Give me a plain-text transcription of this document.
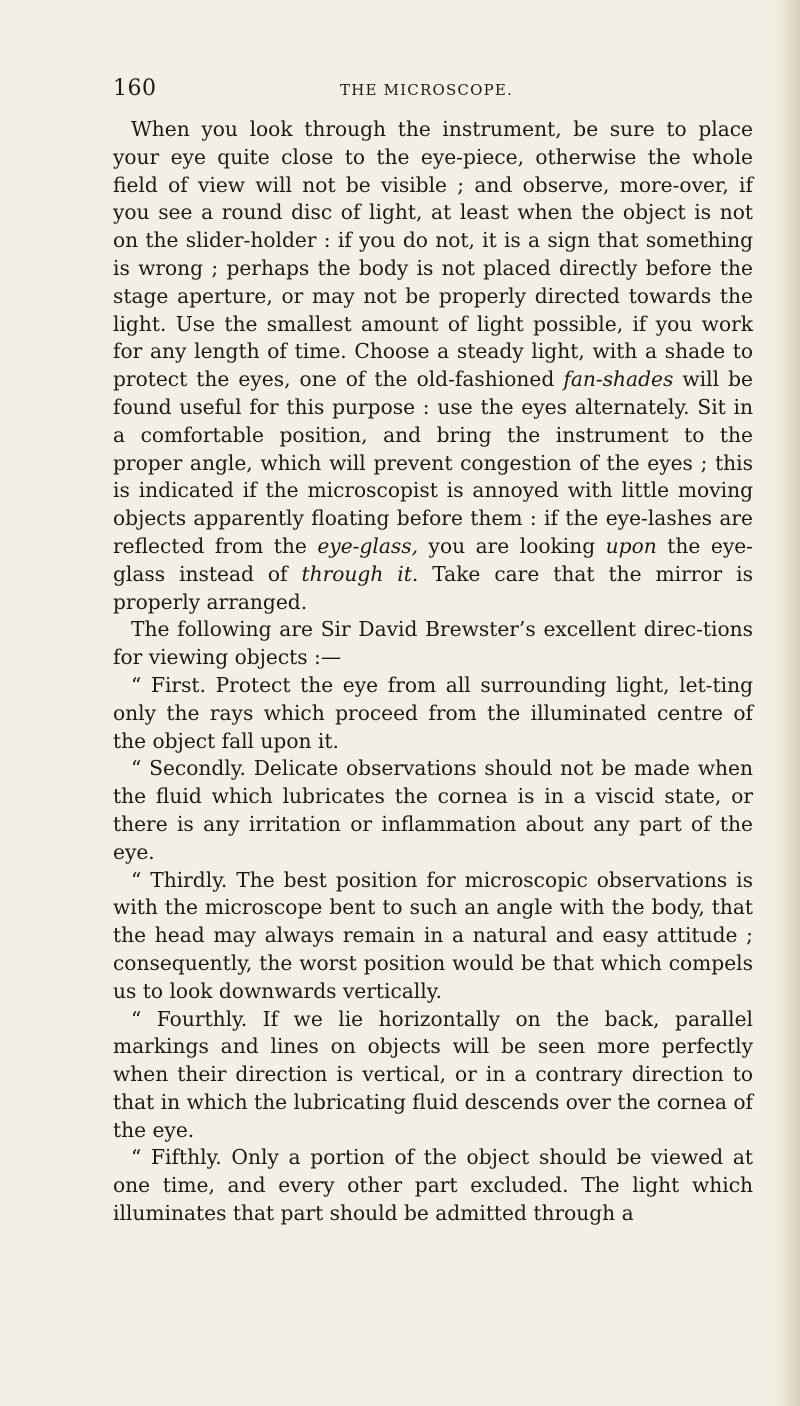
160	THE MICROSCOPE.

When you look through the instrument, be sure to place your eye quite close to the eye-piece, otherwise the whole field of view will not be visible ; and observe, more-over, if you see a round disc of light, at least when the object is not on the slider-holder : if you do not, it is a sign that something is wrong ; perhaps the body is not placed directly before the stage aperture, or may not be properly directed towards the light. Use the smallest amount of light possible, if you work for any length of time. Choose a steady light, with a shade to protect the eyes, one of the old-fashioned fan-shades will be found useful for this purpose : use the eyes alternately. Sit in a comfortable position, and bring the instrument to the proper angle, which will prevent congestion of the eyes ; this is indicated if the microscopist is annoyed with little moving objects apparently floating before them : if the eye-lashes are reflected from the eye-glass, you are looking upon the eye-glass instead of through it. Take care that the mirror is properly arranged.

The following are Sir David Brewster’s excellent direc-tions for viewing objects :—

“ First. Protect the eye from all surrounding light, let-ting only the rays which proceed from the illuminated centre of the object fall upon it.

“ Secondly. Delicate observations should not be made when the fluid which lubricates the cornea is in a viscid state, or there is any irritation or inflammation about any part of the eye.

“ Thirdly. The best position for microscopic observations is with the microscope bent to such an angle with the body, that the head may always remain in a natural and easy attitude ; consequently, the worst position would be that which compels us to look downwards vertically.

“ Fourthly. If we lie horizontally on the back, parallel markings and lines on objects will be seen more perfectly when their direction is vertical, or in a contrary direction to that in which the lubricating fluid descends over the cornea of the eye.

“ Fifthly. Only a portion of the object should be viewed at one time, and every other part excluded. The light which illuminates that part should be admitted through a
